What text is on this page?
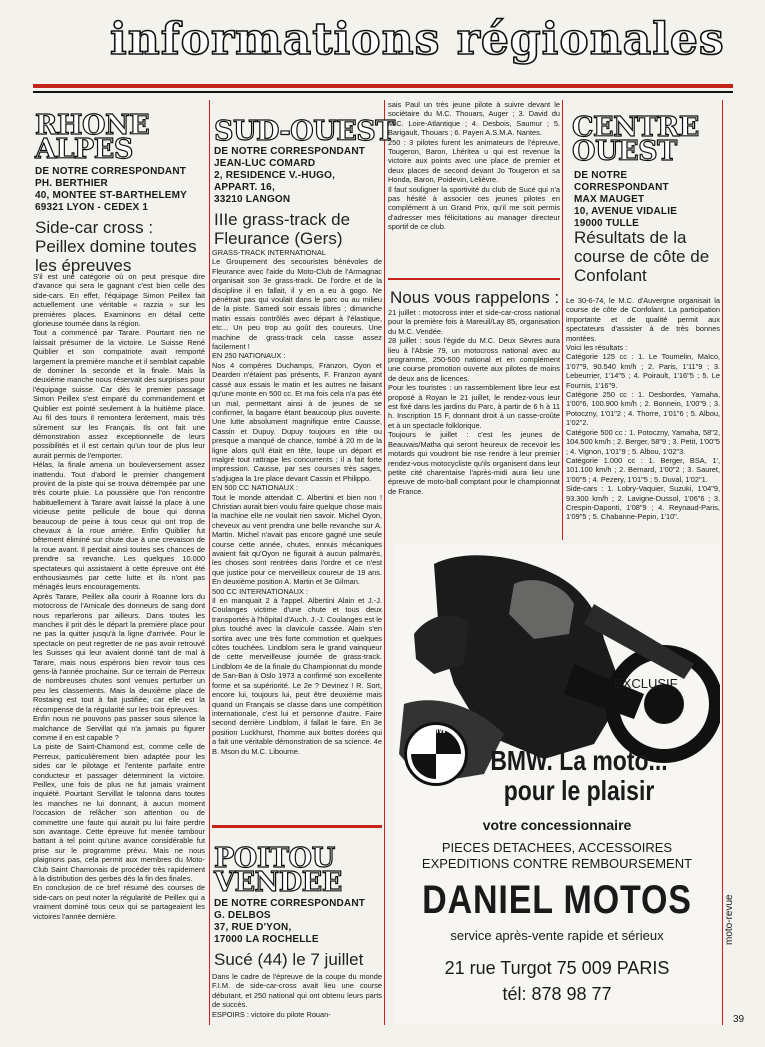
informations régionales
RHONE
ALPES
DE NOTRE CORRESPONDANT
PH. BERTHIER
40, MONTEE ST-BARTHELEMY
69321 LYON - CEDEX 1
Side-car cross : Peillex domine toutes les épreuves
S'il est une catégorie où on peut presque dire d'avance qui sera le gagnant c'est bien celle des side-cars. En effet, l'équipage Simon Peillex fait actuellement une véritable « razzia » sur les premières places. Examinons en détail cette glorieuse tournée dans la région.
Tout a commencé par Tarare. Pourtant rien ne laissait présumer de la victoire. Le Suisse René Quiblier et son compatriote avait remporté largement la première manche et il semblait capable de dominer la seconde et la finale. Mais la deuxième manche nous réservait des surprises pour l'équipage suisse. Car dès le premier passage Simon Peillex s'est emparé du commandement et Quiblier est pointé seulement à la huitième place. Au fil des tours il remontera lentement, mais très sûrement sur les Français. Ils ont fait une démonstration assez exceptionnelle de leurs possibilités et il est certain qu'un tour de plus leur aurait permis de l'emporter.
Hélas, la finale amena un bouleversement assez inattendu. Tout d'abord le premier changement provint de la piste qui se trouva détrempée par une très courte pluie. La poussière que l'on rencontre habituellement à Tarare avait laissé la place à une vicieuse petite pellicule de boue qui donna beaucoup de peine à tous ceux qui ont trop de chevaux à la roue arrière. Enfin Quiblier fut bêtement éliminé sur chute due à une crevaison de la roue avant. Il perdait ainsi toutes ses chances de prendre sa revanche. Les quelques 10.000 spectateurs qui assistaient à cette épreuve ont été enthousiasmés par cette lutte et ils n'ont pas ménagés leurs encouragements.
Après Tarare, Peillex alla courir à Roanne lors du motocross de l'Amicale des donneurs de sang dont nous reparlerons par ailleurs. Dans toutes les manches il prit dès le départ la première place pour ne pas la quitter jusqu'à la ligne d'arrivée. Pour le spectacle on peut regretter de ne pas avoir retrouvé les Suisses qui leur avaient donné tant de mal à Tarare, mais nous espérons bien revoir tous ces gens-là l'année prochaine. Sur ce terrain de Perreux de nombreuses chutes sont venues perturber un peu les classements. Mais la deuxième place de Rostaing est tout à fait justifiée, car elle est la récompense de la régularité sur les trois épreuves.
Enfin nous ne pouvons pas passer sous silence la malchance de Servillat qui n'a jamais pu figurer comme il en est capable ?
La piste de Saint-Chamond est, comme celle de Perreux, particulièrement bien adaptée pour les sides car le pilotage et l'entente parfaite entre conducteur et passager déterminent la victoire. Peillex, une fois de plus ne fut jamais vraiment inquiété. Pourtant Servillat le talonna dans toutes les manches ne lui donnant, à aucun moment l'occasion de relâcher son attention ou de commettre une faute qui aurait pu lui faire perdre son avantage. Cette épreuve fut menée tambour battant à tel point qu'une avance considérable fut prise sur le programme prévu. Mais ne nous plaignons pas, cela permit aux membres du Moto-Club Saint Chamonais de procéder très rapidement à la distribution des gerbes dès la fin des finales.
En conclusion de ce bref résumé des courses de side-cars on peut noter la régularité de Peillex qui a vraiment dominé tous ceux qui se partageaient les victoires l'année dernière.
SUD-OUEST
DE NOTRE CORRESPONDANT
JEAN-LUC COMARD
2, RESIDENCE V.-HUGO,
APPART. 16,
33210 LANGON
IIIe grass-track de Fleurance (Gers)
GRASS-TRACK INTERNATIONAL
Le Groupement des secouristes bénévoles de Fleurance avec l'aide du Moto-Club de l'Armagnac organisait son 3e grass-track. De l'ordre et de la discipline il en fallait, il y en a eu à gogo. Ne pénétrait pas qui voulait dans le parc ou au milieu de la piste. Samedi soir essais libres ; dimanche matin essais contrôlés avec départ à l'élastique, etc... Un peu trop au goût des coureurs. Une machine de grass-track cela casse assez facilement !
EN 250 NATIONAUX :
Nos 4 compères Duchamps, Franzon, Oyon et Dearden n'étaient pas présents, F. Franzon ayant cassé aux essais le matin et les autres ne faisant qu'une monte en 500 cc. Et ma fois cela n'a pas été un mal, permettant ainsi à de jeunes de se confirmer, la bagarre étant beaucoup plus ouverte. Une lutte absolument magnifique entre Causse, Cassin et Dupuy. Dupuy toujours en tête ou presque a manqué de chance, tombé à 20 m de la ligne alors qu'il était en tête, loupe un départ et malgré tout rattrape les concurrents ; il a fait forte impression. Causse, par ses courses très sages, s'adjugea la 1re place devant Cassin et Philippo.
EN 500 CC NATIONAUX :
Tout le monde attendait C. Albertini et bien non ! Christian aurait bien voulu faire quelque chose mais la machine elle ne voulait rien savoir. Michel Oyon, cheveux au vent prendra une belle revanche sur A. Martin. Michel n'avait pas encore gagné une seule course cette année, chutes, ennuis mécaniques avaient fait qu'Oyon ne figurait à aucun palmarès, les choses sont rentrées dans l'ordre et ce n'est que justice pour ce merveilleux coureur de 19 ans. En deuxième position A. Martin et 3e Gilman.
500 CC INTERNATIONAUX :
Il en manquait 2 à l'appel. Albertini Alain et J.-J. Coulanges victime d'une chute et tous deux transportés à l'hôpital d'Auch. J.-J. Coulanges est le plus touché avec la clavicule cassée. Alain s'en sortira avec une très forte commotion et quelques côtes touchées. Lindblom sera le grand vainqueur de cette merveilleuse journée de grass-track. Lindblom 4e de la finale du Championnat du monde de San-Ban à Oslo 1973 a confirmé son excellente forme et sa supériorité. Le 2e ? Devinez ! R. Sort, encore lui, toujours lui, peut être deuxième mais quand un Français se classe dans une compétition internationale, c'est lui et personne d'autre. Faire second derrière Lindblom, il fallait le faire. En 3e position Luckhurst, l'homme aux bottes dorées qui a fait une véritable démonstration de sa science. 4e B. Mson du M.C. Libourne.
POITOU
VENDEE
DE NOTRE CORRESPONDANT
G. DELBOS
37, RUE D'YON,
17000 LA ROCHELLE
Sucé (44) le 7 juillet
Dans le cadre de l'épreuve de la coupe du monde F.I.M. de side-car-cross avait lieu une course débutant, et 250 national qui ont obtenu leurs parts de succès.
ESPOIRS : victoire du pilote Rouan-
sais Paul un très jeune pilote à suivre devant le sociétaire du M.C. Thouars, Auger ; 3. David du M.C. Loire-Atlantique ; 4. Desbois, Saumur ; 5. Barigault, Thouars ; 6. Payen A.S.M.A. Nantes.
250 : 3 pilotes furent les animateurs de l'épreuve, Tougeron, Baron, Lhéritea u qui est revenue la victoire aux points avec une place de premier et deux places de second devant Jo Tougeron et sa Honda, Baron, Poidevin, Lelièvre.
Il faut souligner la sportivité du club de Sucé qui n'a pas hésité à associer ces jeunes pilotes en complément à un Grand Prix, qu'il me soit permis d'adresser mes félicitations au manager directeur sportif de ce club.
Nous vous rappelons :
21 juillet : motocross inter et side-car-cross national pour la première fois à Mareuil/Lay 85, organisation du M.C. Vendée.
28 juillet : sous l'égide du M.C. Deux Sèvres aura lieu à l'Absie 79, un motocross national avec au programme, 250-500 national et en complément une course promotion ouverte aux pilotes de moins de deux ans de licences.
Pour les touristes : un rassemblement libre leur est proposé à Royan le 21 juillet, le rendez-vous leur est fixé dans les jardins du Parc, à partir de 6 h à 11 h. Inscription 15 F, donnant droit à un casse-croûte et à un spectacle folklorique.
Toujours le juillet : c'est les jeunes de Beauvais/Matha qui seront heureux de recevoir les motards qui voudront bie nse rendre à leur premier rendez-vous motocycliste qu'ils organisent dans leur petite cité charentaise l'après-midi aura lieu une épreuve de moto-ball comptant pour le championnat de France.
CENTRE
OUEST
DE NOTRE CORRESPONDANT
MAX MAUGET
10, AVENUE VIDALIE
19000 TULLE
Résultats de la course de côte de Confolant
Le 30-6-74, le M.C. d'Auvergne organisait la course de côte de Confolant. La participation importante et de qualité permit aux spectateurs d'assister à de très bonnes montées.
Voici les résultats :
Catégorie 125 cc : 1. Le Toumelin, Maïco, 1'07"9, 90.540 km/h ; 2. Paris, 1'11"9 ; 3. Lebeurrier, 1'14"5 ; 4. Poirault, 1'16"5 ; 5. Le Fournis, 1'16"9.
Catégorie 250 cc : 1. Desbordes, Yamaha, 1'00"6, 100.900 km/h ; 2. Bonnein, 1'00"9 ; 3. Potoczny, 1'01"2 ; 4. Thorre, 1'01"6 ; 5. Albou, 1'02"2.
Catégorie 500 cc : 1. Potoczny, Yamaha, 58"2, 104.500 km/h ; 2. Berger, 58"9 ; 3. Petit, 1'00"5 ; 4. Vignon, 1'01"9 ; 5. Albou, 1'02"3.
Catégorie 1.000 cc : 1. Berger, BSA, 1', 101.100 km/h ; 2. Bernard, 1'00"2 ; 3. Sauret, 1'00"5 ; 4. Pezery, 1'01"5 ; 5. Duval, 1'02"1.
Side-cars : 1. Lobry-Vaquier, Suzuki, 1'04"9, 93.300 km/h ; 2. Lavigne-Dussol, 1'06"6 ; 3. Crespin-Daponti, 1'08"9 ; 4. Reynaud-Paris, 1'09"5 ; 5. Chabanne-Pepin, 1'10".
EXCLUSIF
BMW
BMW. La moto...
pour le plaisir
votre concessionnaire
PIECES DETACHEES, ACCESSOIRES
EXPEDITIONS CONTRE REMBOURSEMENT
DANIEL MOTOS
service après-vente rapide et sérieux
21 rue Turgot 75 009 PARIS
tél: 878 98 77
moto-revue
39
